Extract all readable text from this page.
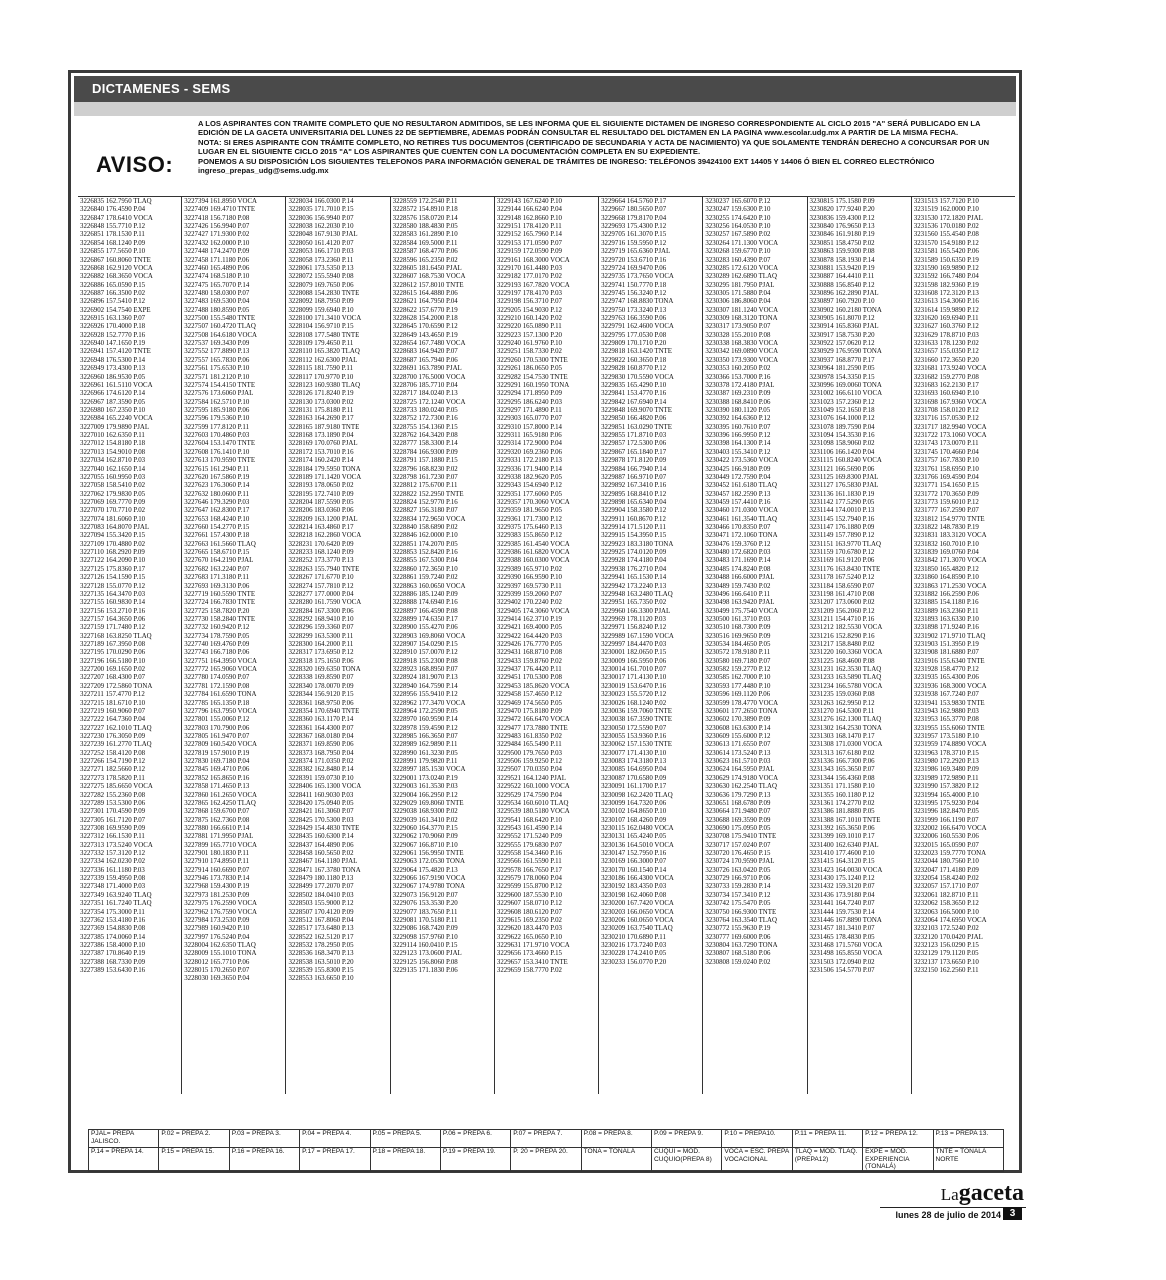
DICTAMENES - SEMS
AVISO:

A LOS ASPIRANTES CON TRAMITE COMPLETO QUE NO RESULTARON ADMITIDOS, SE LES INFORMA QUE EL SIGUIENTE DICTAMEN DE INGRESO CORRESPONDIENTE AL CICLO 2015 "A" SERÁ PUBLICADO EN LA EDICIÓN DE LA GACETA UNIVERSITARIA DEL LUNES 22 DE SEPTIEMBRE, ADEMAS PODRÁN CONSULTAR EL RESULTADO DEL DICTAMEN EN LA PAGINA www.escolar.udg.mx A PARTIR DE LA MISMA FECHA.

NOTA: SI ERES ASPIRANTE CON TRÁMITE COMPLETO, NO RETIRES TUS DOCUMENTOS (CERTIFICADO DE SECUNDARIA Y ACTA DE NACIMIENTO) YA QUE SOLAMENTE TENDRÁN DERECHO A CONCURSAR POR UN LUGAR EN EL SIGUIENTE CICLO 2015 "A" LOS ASPIRANTES QUE CUENTEN CON LA DOCUMENTACIÓN COMPLETA EN SU EXPEDIENTE.

PONEMOS A SU DISPOSICIÓN LOS SIGUIENTES TELEFONOS PARA INFORMACIÓN GENERAL DE TRÁMITES DE INGRESO: TELÉFONOS 39424100 EXT 14405 Y 14406 Ó BIEN EL CORREO ELECTRÓNICO ingreso_prepas_udg@sems.udg.mx

3226835 162.7950 TLAQ
3226840 176.4590 P.04
3226847 178.6410 VOCA
3226848 155.7710 P.12
3226851 178.1530 P.11
3226854 168.1240 P.09
3226855 177.5650 P.10
3226867 160.8060 TNTE
3226868 162.9120 VOCA
3226882 168.3650 VOCA
3226886 165.0590 P.15
3226887 166.3500 P.02
3226896 157.5410 P.12
3226902 154.7540 EXPE
3226915 163.1360 P.07
3226926 170.4000 P.18
3226928 152.7770 P.16
3226940 147.1650 P.19
3226941 157.4120 TNTE
3226948 176.5300 P.14
3226949 173.4300 P.13
3226960 186.9530 P.05
3226961 161.5110 VOCA
3226966 174.6120 P.14
3226967 187.3590 P.05
3226980 167.2350 P.10
3226984 165.2240 VOCA
3227009 179.9890 PJAL
3227010 162.6350 P.11
3227012 154.8180 P.18
3227013 154.9010 P.08
3227034 162.8710 P.03
3227040 162.1650 P.14
3227055 160.9950 P.03
3227058 158.5410 P.02
3227062 179.9830 P.05
3227069 169.7770 P.09
3227070 170.7710 P.02
3227074 181.6060 P.10
3227083 164.8070 PJAL
3227094 155.3420 P.15
3227109 170.4880 P.02
3227110 168.2920 P.09
3227122 164.2090 P.10
3227125 175.8360 P.17
3227126 154.1590 P.15
3227128 155.0770 P.12
3227135 164.3470 P.03
3227155 160.9830 P.14
3227156 153.2710 P.16
3227157 164.3650 P.06
3227159 171.7480 P.12
3227168 163.8250 TLAQ
3227189 167.3950 P.08
3227195 170.0290 P.06
3227196 166.5180 P.10
3227200 169.1650 P.02
3227207 168.4300 P.07
3227209 172.5860 TONA
3227211 157.4770 P.12
3227215 181.6710 P.10
3227219 160.9060 P.07
3227222 164.7360 P.04
3227227 162.1010 TLAQ
3227230 176.3050 P.09
3227239 161.2770 TLAQ
3227252 158.4120 P.08
3227266 154.7190 P.12
3227271 182.5660 P.12
3227273 178.5820 P.11
3227275 185.6650 VOCA
3227282 155.2360 P.08
3227289 153.5300 P.06
3227301 170.4590 P.09
3227305 161.7120 P.07
3227308 169.9590 P.09
3227312 166.1530 P.11
3227313 173.5240 VOCA
3227332 157.3120 P.12
3227334 162.0230 P.02
3227336 161.1180 P.03
3227339 159.4950 P.08
3227348 171.4000 P.03
3227349 163.9240 TLAQ
3227351 161.7240 TLAQ
3227354 175.3000 P.11
3227362 153.4180 P.16
3227369 154.8830 P.08
3227385 174.0060 P.14
3227386 158.4000 P.10
3227387 170.8640 P.19
3227388 168.7330 P.09
3227389 153.6430 P.16
3227394 161.8950 VOCA
3227409 169.4710 TNTE
3227418 156.7180 P.08
3227426 156.9940 P.07
3227427 171.9300 P.02
3227432 162.0000 P.10
3227448 174.2470 P.09
3227458 171.1180 P.06
3227460 165.4890 P.06
3227474 168.5180 P.10
3227475 165.7070 P.14
3227480 158.0300 P.07
3227483 169.5300 P.04
3227488 180.8590 P.05
3227500 155.5480 TNTE
3227507 160.4720 TLAQ
3227508 164.6180 VOCA
3227537 169.3430 P.09
3227552 177.8890 P.13
3227557 165.7830 P.06
3227561 175.6530 P.10
3227571 181.2120 P.10
3227574 154.4150 TNTE
3227576 173.6060 PJAL
3227584 162.5710 P.10
3227595 185.9180 P.06
3227596 179.5360 P.10
3227599 177.8120 P.11
3227603 170.4860 P.03
3227604 153.1470 TNTE
3227608 176.1410 P.10
3227613 170.9590 TNTE
3227615 161.2940 P.11
3227620 167.5860 P.19
3227623 176.3060 P.14
3227632 180.0600 P.11
3227646 179.3290 P.03
3227647 162.8300 P.17
3227653 168.4240 P.10
3227660 154.2770 P.15
3227661 157.4300 P.18
3227663 161.5660 TLAQ
3227665 158.6710 P.15
3227670 164.2190 PJAL
3227682 163.2240 P.07
3227683 171.3180 P.11
3227693 169.3130 P.06
3227719 160.5590 TNTE
3227724 166.7830 TNTE
3227725 158.7820 P.20
3227730 158.2840 TNTE
3227732 160.9420 P.12
3227734 178.7590 P.05
3227740 169.4760 P.09
3227743 166.7180 P.06
3227751 164.3950 VOCA
3227772 165.9060 VOCA
3227780 174.0590 P.07
3227781 172.1590 P.08
3227784 161.6590 TONA
3227785 165.1350 P.18
3227796 163.7950 VOCA
3227801 155.0060 P.12
3227803 170.7900 P.06
3227805 161.9470 P.07
3227809 160.5420 VOCA
3227819 157.9010 P.19
3227830 169.7180 P.04
3227845 169.4710 P.06
3227852 165.8650 P.16
3227858 171.4650 P.13
3227860 161.2650 VOCA
3227865 162.4250 TLAQ
3227868 159.6700 P.07
3227875 162.7360 P.08
3227880 166.6610 P.14
3227881 171.9950 PJAL
3227899 165.7710 VOCA
3227901 180.1830 P.11
3227910 174.8950 P.11
3227914 160.6690 P.07
3227946 173.7830 P.14
3227968 159.4300 P.19
3227973 181.2530 P.09
3227975 176.2590 VOCA
3227962 176.7590 VOCA
3227984 173.2530 P.09
3227989 160.9420 P.10
3227997 176.5240 P.04
3228004 162.6350 TLAQ
3228009 155.1010 TONA
3228012 165.7710 P.06
3228015 170.2650 P.07
3228030 169.3650 P.04
3228034 166.0300 P.14
3228035 171.7010 P.15
3228036 156.9940 P.07
3228038 162.2030 P.10
3228048 167.9130 PJAL
3228050 161.4120 P.07
3228053 166.1710 P.03
3228058 173.2360 P.11
3228061 173.5350 P.13
3228072 155.5940 P.08
3228079 169.7650 P.06
3228088 154.2830 TNTE
3228092 168.7950 P.09
3228099 159.6940 P.10
3228100 171.3410 VOCA
3228104 156.9710 P.15
3228108 177.5480 TNTE
3228109 179.4650 P.11
3228110 165.3820 TLAQ
3228112 162.6300 PJAL
3228115 181.7590 P.11
3228117 170.9770 P.10
3228123 160.9380 TLAQ
3228126 171.8240 P.19
3228130 173.0300 P.02
3228131 175.8180 P.11
3228163 164.2690 P.17
3228165 187.9180 TNTE
3228168 173.1890 P.04
3228169 170.0760 PJAL
3228172 153.7010 P.16
3228174 160.2420 P.14
3228184 179.5950 TONA
3228189 171.1420 VOCA
3228193 178.0650 P.02
3228195 172.7410 P.09
3228204 187.5590 P.05
3228206 183.0360 P.06
3228209 163.1200 PJAL
3228214 163.4860 P.17
3228218 162.2860 VOCA
3228231 170.6420 P.09
3228233 168.1240 P.09
3228252 173.3770 P.13
3228263 155.7940 TNTE
3228267 171.6770 P.10
3228274 157.7810 P.12
3228277 177.0000 P.04
3228280 161.7590 VOCA
3228284 167.3300 P.06
3228292 168.9410 P.10
3228296 159.3360 P.07
3228299 163.5300 P.11
3228300 164.2000 P.11
3228317 173.6950 P.12
3228318 175.1650 P.06
3228320 169.6350 TONA
3228338 169.8590 P.07
3228340 178.0070 P.09
3228344 156.9120 P.15
3228361 168.9750 P.06
3228354 170.6940 TNTE
3228360 163.1170 P.14
3228361 164.4300 P.07
3228367 168.0180 P.04
3228371 169.8590 P.06
3228373 168.7950 P.04
3228374 171.0350 P.02
3228382 162.8480 P.14
3228391 159.0730 P.10
3228406 165.1300 VOCA
3228411 160.9030 P.03
3228420 175.0940 P.05
3228421 161.3060 P.07
3228425 170.5300 P.03
3228429 154.4830 TNTE
3228435 160.6300 P.14
3228437 164.4890 P.06
3228458 160.5650 P.02
3228467 164.1180 PJAL
3228471 167.3780 TONA
3228479 180.1180 P.13
3228499 177.2070 P.07
3228502 184.0410 P.03
3228503 155.9000 P.12
3228507 170.4120 P.09
3228512 167.8060 P.04
3228517 173.6480 P.13
3228522 162.5120 P.17
3228532 178.2950 P.05
3228536 168.3470 P.13
3228538 163.5010 P.20
3228539 155.8300 P.15
3228553 163.6650 P.10
3228559 172.2540 P.11
3228572 154.8910 P.18
3228576 158.0720 P.14
3228580 188.4830 P.05
3228583 161.2890 P.10
3228584 169.5000 P.11
3228587 168.4770 P.06
3228596 165.2350 P.02
3228605 181.6450 PJAL
3228607 168.7530 VOCA
3228612 157.8010 TNTE
3228615 164.4880 P.06
3228621 164.7950 P.04
3228622 157.6770 P.19
3228628 154.2000 P.18
3228645 170.6590 P.12
3228649 143.4650 P.19
3228654 167.7480 VOCA
3228683 164.9420 P.07
3228687 165.7940 P.06
3228691 163.7890 PJAL
3228700 176.5000 VOCA
3228706 185.7710 P.04
3228717 184.0240 P.13
3228725 172.1240 VOCA
3228733 180.0240 P.05
3228752 172.7300 P.16
3228755 154.1360 P.15
3228762 164.3420 P.08
3228777 158.3300 P.14
3228784 166.9300 P.09
3228791 157.1880 P.15
3228796 168.8230 P.02
3228798 161.7230 P.07
3228812 175.6700 P.11
3228822 152.2950 TNTE
3228824 152.9770 P.16
3228827 156.3180 P.07
3228834 172.9650 VOCA
3228840 158.6890 P.02
3228846 162.0000 P.10
3228851 174.2070 P.05
3228853 152.8420 P.16
3228855 167.5300 P.04
3228860 172.3650 P.10
3228861 159.7240 P.02
3228863 160.0650 VOCA
3228886 185.1240 P.09
3228888 174.6940 P.16
3228897 166.4590 P.08
3228899 174.6350 P.17
3228900 155.4270 P.06
3228903 169.8060 VOCA
3228907 154.0290 P.15
3228910 157.0070 P.12
3228918 155.2300 P.08
3228923 168.8950 P.07
3228924 181.9070 P.13
3228940 164.7590 P.14
3228956 155.9410 P.12
3228962 177.3470 VOCA
3228964 172.2590 P.05
3228970 160.9590 P.14
3228978 159.4590 P.12
3228985 166.3650 P.07
3228989 162.9890 P.11
3228990 161.3230 P.05
3228991 179.9820 P.11
3228997 185.1530 VOCA
3229001 173.0240 P.19
3229003 161.3530 P.03
3229004 166.2950 P.12
3229029 169.8060 TNTE
3229038 168.9300 P.02
3229039 161.3410 P.02
3229060 164.3770 P.15
3229062 170.9060 P.09
3229067 166.8710 P.10
3229061 156.9950 TNTE
3229063 172.0530 TONA
3229064 175.4820 P.13
3229066 167.9190 VOCA
3229067 174.9780 TONA
3229073 156.9120 P.07
3229076 153.3530 P.20
3229077 183.7650 P.11
3229081 170.5180 P.11
3229086 168.7420 P.09
3229098 157.9760 P.10
3229114 160.0410 P.15
3229123 173.0600 PJAL
3229125 156.8060 P.08
3229135 171.1830 P.06
3229143 167.6240 P.10
3229144 166.6240 P.04
3229148 162.8660 P.10
3229151 178.4120 P.11
3229152 165.7960 P.14
3229153 171.0590 P.07
3229159 172.0590 P.09
3229161 168.3000 VOCA
3229170 161.4480 P.03
3229182 177.0170 P.02
3229193 167.7820 VOCA
3229197 178.4170 P.03
3229198 156.3710 P.07
3229205 154.9030 P.12
3229210 160.1420 P.02
3229220 165.0890 P.11
3229223 157.1300 P.20
3229240 161.9760 P.10
3229251 158.7330 P.02
3229260 170.5300 TNTE
3229261 186.0650 P.05
3229282 154.7530 TNTE
3229291 160.1950 TONA
3229294 171.8950 P.09
3229295 186.6240 P.03
3229297 171.4890 P.11
3229303 165.0770 P.07
3229310 157.8000 P.14
3229311 165.9180 P.06
3229314 172.9000 P.04
3229320 169.2360 P.06
3229331 172.2180 P.13
3229336 171.9400 P.14
3229338 182.9620 P.05
3229343 154.6940 P.12
3229351 177.6060 P.05
3229357 170.3060 VOCA
3229359 181.9650 P.05
3229361 171.7300 P.12
3229375 175.6460 P.13
3229383 155.8650 P.12
3229385 161.4540 VOCA
3229386 161.6820 VOCA
3229388 160.0300 VOCA
3229389 165.9710 P.02
3229390 166.9590 P.10
3229397 169.5730 P.11
3229399 159.2060 P.07
3229402 170.2240 P.02
3229405 174.3060 VOCA
3229414 162.3710 P.19
3229421 169.4000 P.05
3229422 164.4420 P.03
3229426 176.7770 P.05
3229431 168.8710 P.08
3229433 159.8760 P.02
3229437 176.4420 P.11
3229451 170.5300 P.08
3229453 185.8620 VOCA
3229458 157.4650 P.12
3229469 174.5650 P.05
3229470 175.8180 P.09
3229472 166.6470 VOCA
3229477 173.7880 TNTE
3229483 161.8350 P.02
3229484 165.5490 P.11
3229500 179.7650 P.03
3229506 159.9250 P.12
3229507 170.0350 P.04
3229521 164.1240 PJAL
3229522 160.1000 VOCA
3229529 174.7590 P.04
3229534 160.6010 TLAQ
3229539 180.5180 VOCA
3229541 168.6420 P.10
3229543 161.4590 P.14
3229552 171.5240 P.09
3229555 179.6830 P.07
3229558 154.3460 P.16
3229566 161.5590 P.11
3229578 166.7650 P.17
3229579 178.0060 P.04
3229599 155.8700 P.12
3229600 187.5530 P.10
3229607 158.0710 P.12
3229608 180.6120 P.07
3229615 169.2350 P.02
3229620 183.4470 P.03
3229622 165.0650 P.10
3229631 171.9710 VOCA
3229656 173.4660 P.15
3229657 153.3410 TNTE
3229659 158.7770 P.02
3229664 164.5760 P.17
3229667 180.5650 P.07
3229668 179.8170 P.04
3229693 175.4300 P.12
3229705 161.3070 P.15
3229716 159.5950 P.12
3229719 165.6360 PJAL
3229720 153.6710 P.16
3229724 169.9470 P.06
3229735 173.7650 VOCA
3229741 150.7770 P.18
3229745 156.3240 P.12
3229747 168.8830 TONA
3229750 173.3240 P.13
3229763 166.3590 P.06
3229791 162.4600 VOCA
3229795 177.0530 P.08
3229809 170.1710 P.20
3229818 163.1420 TNTE
3229822 160.3650 P.18
3229828 160.8770 P.12
3229830 170.5590 VOCA
3229835 165.4290 P.10
3229841 153.4770 P.16
3229842 167.6940 P.14
3229848 169.9070 TNTE
3229850 166.4820 P.06
3229851 163.0290 TNTE
3229855 171.8710 P.03
3229857 172.5300 P.06
3229867 165.1840 P.17
3229878 171.8120 P.09
3229884 166.7940 P.14
3229887 166.9710 P.07
3229892 167.3410 P.16
3229895 168.8410 P.12
3229898 165.6340 P.04
3229904 158.3580 P.12
3229911 160.8670 P.12
3229914 171.5120 P.11
3229915 154.3950 P.15
3229923 183.3180 TONA
3229925 174.0120 P.09
3229928 174.4180 P.04
3229938 176.2710 P.04
3229941 165.1530 P.14
3229942 173.2240 P.13
3229948 163.2480 TLAQ
3229951 165.7350 P.02
3229960 166.3300 PJAL
3229969 178.1120 P.03
3229971 156.8240 P.12
3229989 167.1590 VOCA
3229997 184.4470 P.03
3230001 182.0650 P.15
3230009 166.5950 P.06
3230014 161.7010 P.07
3230017 171.4130 P.10
3230019 153.6470 P.16
3230023 155.5720 P.12
3230026 168.1240 P.02
3230036 159.7060 TNTE
3230038 167.3590 TNTE
3230050 172.5590 P.07
3230055 153.9360 P.16
3230062 157.1530 TNTE
3230077 171.4130 P.10
3230083 174.3180 P.13
3230085 164.6950 P.04
3230087 170.6580 P.09
3230091 161.1700 P.17
3230098 162.2420 TLAQ
3230099 164.7320 P.06
3230102 164.8650 P.10
3230107 168.4260 P.09
3230115 162.0480 VOCA
3230131 165.4240 P.05
3230136 164.5010 VOCA
3230147 152.7950 P.16
3230169 166.3000 P.07
3230170 160.1540 P.14
3230186 166.4300 VOCA
3230192 183.4350 P.03
3230198 162.4060 P.08
3230200 167.7420 VOCA
3230203 166.0650 VOCA
3230206 160.0650 VOCA
3230209 163.7540 TLAQ
3230210 170.6890 P.11
3230216 173.7240 P.03
3230228 174.2410 P.05
3230233 156.0770 P.20
3230237 165.6070 P.12
3230247 159.6300 P.10
3230255 174.6420 P.10
3230256 164.0530 P.10
3230257 167.5890 P.02
3230264 171.1300 VOCA
3230268 159.6770 P.10
3230283 160.4390 P.07
3230285 172.6120 VOCA
3230289 162.6890 TLAQ
3230295 181.7950 PJAL
3230305 171.5880 P.04
3230306 186.8060 P.04
3230307 181.1240 VOCA
3230309 168.3120 TONA
3230317 173.9050 P.07
3230328 155.2010 P.08
3230338 168.3830 VOCA
3230342 169.0890 VOCA
3230350 173.9300 VOCA
3230353 160.2050 P.02
3230366 153.7000 P.16
3230378 172.4180 PJAL
3230387 169.2310 P.09
3230388 168.8410 P.06
3230390 180.1120 P.05
3230392 164.6360 P.12
3230395 160.7610 P.07
3230396 166.9950 P.12
3230398 164.1300 P.14
3230403 155.3410 P.12
3230422 173.5360 VOCA
3230425 166.9180 P.09
3230449 172.7590 P.04
3230452 161.6180 TLAQ
3230457 182.2590 P.13
3230459 157.4410 P.16
3230460 171.0300 VOCA
3230461 161.3540 TLAQ
3230466 170.8350 P.07
3230471 172.1060 TONA
3230476 159.3760 P.12
3230480 172.6820 P.03
3230483 171.1690 P.14
3230485 174.8240 P.08
3230488 166.6000 PJAL
3230489 159.7430 P.02
3230496 166.6410 P.11
3230498 163.9420 PJAL
3230499 175.7540 VOCA
3230500 161.3710 P.03
3230510 168.7300 P.09
3230516 169.9650 P.09
3230534 184.4650 P.05
3230572 178.9180 P.11
3230580 169.7180 P.07
3230582 159.2770 P.12
3230585 162.7000 P.10
3230593 177.4480 P.10
3230596 169.1120 P.06
3230599 178.4770 VOCA
3230601 177.2650 TONA
3230602 170.3890 P.09
3230608 163.6300 P.14
3230609 155.6000 P.12
3230613 171.6550 P.07
3230614 173.5240 P.13
3230623 161.5710 P.03
3230624 164.5950 PJAL
3230629 174.9180 VOCA
3230630 162.2540 TLAQ
3230636 179.7290 P.13
3230651 168.6780 P.09
3230664 171.9480 P.07
3230688 169.3590 P.09
3230690 175.0950 P.05
3230708 175.9410 TNTE
3230717 157.0240 P.07
3230720 176.4650 P.15
3230724 170.9590 PJAL
3230726 163.0420 P.05
3230729 166.9710 P.06
3230733 159.2830 P.14
3230734 157.3410 P.12
3230742 175.5470 P.05
3230750 166.9300 TNTE
3230764 163.3540 TLAQ
3230772 155.9630 P.19
3230777 169.6000 P.06
3230804 163.7290 TONA
3230807 168.5180 P.06
3230808 159.0240 P.02
3230815 175.1580 P.09
3230820 177.9240 P.20
3230836 159.4300 P.12
3230840 176.9650 P.13
3230846 161.9180 P.19
3230851 158.4750 P.02
3230863 159.9300 P.08
3230878 158.1930 P.14
3230881 153.9420 P.19
3230887 164.4410 P.11
3230888 156.8540 P.12
3230896 162.2890 PJAL
3230897 160.7920 P.10
3230902 160.2180 TONA
3230905 161.8070 P.12
3230914 165.8360 PJAL
3230917 158.7530 P.20
3230922 157.0620 P.12
3230929 176.9590 TONA
3230937 168.8770 P.17
3230964 181.2590 P.05
3230978 154.3350 P.15
3230996 169.0060 TONA
3231002 166.6110 VOCA
3231023 157.2360 P.12
3231049 152.1650 P.18
3231076 164.1000 P.12
3231078 189.7590 P.04
3231094 154.3530 P.16
3231098 158.9060 P.02
3231106 166.1420 P.04
3231115 160.8240 VOCA
3231121 166.5690 P.06
3231125 169.8300 PJAL
3231127 176.5830 PJAL
3231136 161.1830 P.19
3231142 177.5290 P.05
3231144 174.0010 P.13
3231145 152.7940 P.16
3231147 176.1880 P.09
3231149 157.7890 P.12
3231151 163.9770 TLAQ
3231159 170.6780 P.12
3231169 161.9120 P.06
3231176 163.8430 TNTE
3231178 167.5240 P.12
3231184 158.6590 P.07
3231198 161.4710 P.08
3231207 173.0600 P.02
3231209 156.2060 P.12
3231211 154.4710 P.16
3231212 182.5530 VOCA
3231216 152.8290 P.16
3231217 158.8480 P.02
3231220 160.3360 VOCA
3231225 168.4600 P.08
3231231 162.3530 TLAQ
3231233 163.5890 TLAQ
3231234 166.5780 VOCA
3231235 159.0360 P.08
3231263 162.9950 P.12
3231270 164.5300 P.11
3231276 162.1300 TLAQ
3231302 164.2530 TONA
3231303 168.1470 P.17
3231308 171.0300 VOCA
3231313 167.6180 P.02
3231336 166.7300 P.06
3231343 165.3650 P.07
3231344 156.4360 P.08
3231351 171.1580 P.10
3231355 160.1180 P.12
3231361 174.2770 P.02
3231386 181.8880 P.05
3231388 167.1010 TNTE
3231392 165.3650 P.06
3231399 169.1010 P.17
3231400 162.6340 PJAL
3231410 177.4600 P.10
3231415 164.3120 P.15
3231423 164.0030 VOCA
3231430 175.1240 P.12
3231432 159.3120 P.07
3231436 173.9180 P.04
3231441 164.7240 P.07
3231444 159.7530 P.14
3231446 167.8890 TONA
3231457 181.3410 P.07
3231465 178.4830 P.05
3231468 171.5760 VOCA
3231498 165.8550 VOCA
3231503 172.0940 P.02
3231506 154.5770 P.07
3231513 157.7120 P.10
3231519 162.0000 P.10
3231530 172.1820 PJAL
3231536 170.0180 P.02
3231560 155.4540 P.08
3231570 154.9180 P.12
3231581 165.5420 P.06
3231589 150.6350 P.19
3231590 169.9890 P.12
3231592 166.7480 P.04
3231598 182.9360 P.19
3231608 172.3120 P.13
3231613 154.3060 P.16
3231614 159.9890 P.12
3231620 169.6940 P.11
3231627 160.3760 P.12
3231629 178.8710 P.03
3231633 178.1230 P.02
3231657 155.0350 P.12
3231660 172.3650 P.20
3231681 173.9240 VOCA
3231682 159.2770 P.08
3231683 162.2130 P.17
3231693 160.6940 P.10
3231698 167.9360 VOCA
3231708 158.0120 P.12
3231716 157.0530 P.12
3231717 182.9940 VOCA
3231722 173.1060 VOCA
3231743 173.0070 P.11
3231745 170.4660 P.04
3231757 167.7830 P.10
3231761 158.6950 P.10
3231766 169.4590 P.04
3231771 154.1650 P.15
3231772 170.3650 P.09
3231773 159.6010 P.12
3231777 167.2590 P.07
3231812 154.9770 TNTE
3231822 148.7830 P.19
3231831 183.3120 VOCA
3231832 160.7010 P.10
3231839 169.0760 P.04
3231842 171.3070 VOCA
3231850 165.4820 P.12
3231860 164.8590 P.10
3231863 171.2530 VOCA
3231882 166.2590 P.06
3231885 154.1180 P.16
3231889 163.2360 P.11
3231893 163.6330 P.10
3231898 171.9240 P.16
3231902 171.9710 TLAQ
3231903 151.3950 P.19
3231908 181.6880 P.07
3231916 155.6340 TNTE
3231928 158.4770 P.12
3231935 165.4300 P.06
3231936 168.3000 VOCA
3231938 167.7240 P.07
3231941 153.9830 TNTE
3231943 162.9880 P.03
3231953 165.3770 P.08
3231955 155.6060 TNTE
3231957 173.5180 P.10
3231959 174.8890 VOCA
3231963 178.3710 P.15
3231980 172.2920 P.13
3231986 169.3480 P.09
3231989 172.9890 P.11
3231990 157.3820 P.12
3231994 165.4000 P.10
3231995 175.9230 P.04
3231996 182.8470 P.05
3231999 166.1190 P.07
3232002 166.6470 VOCA
3232006 160.5530 P.06
3232015 165.0590 P.07
3232023 159.7770 TONA
3232044 180.7560 P.10
3232047 171.4180 P.09
3232054 158.4240 P.02
3232057 157.1710 P.07
3232061 182.8710 P.11
3232062 158.3650 P.12
3232063 166.5000 P.10
3232064 174.6950 VOCA
3232103 172.5240 P.02
3232120 170.0420 PJAL
3232123 156.0290 P.15
3232129 179.1120 P.05
3232137 173.6650 P.10
3232150 162.2560 P.11
PJAL= PREPA JALISCO.	P.02 = PREPA 2.	P.03 = PREPA 3.	P.04 = PREPA 4.	P.05 = PREPA 5.	P.06 = PREPA 6.	P.07 = PREPA 7.	P.08 = PREPA 8.	P.09 = PREPA 9.	P.10 = PREPA10.	P.11 = PREPA 11.	P.12 = PREPA 12.	P.13 = PREPA 13.
P.14 = PREPA 14.	P.15 = PREPA 15.	P.16 = PREPA 16.	P.17 = PREPA 17.	P.18 = PREPA 18.	P.19 = PREPA 19.	P. 20 = PREPA 20.	TONA = TONALÁ	CUQUI = MOD. CUQUIO(PREPA 8)	VOCA = ESC. PREPA VOCACIONAL	TLAQ = MOD. TLAQ.(PREPA12)	EXPE = MOD. EXPERIENCIA (TONALÁ)	TNTE = TONALÁ NORTE
Lagaceta
lunes 28 de julio de 2014 3
